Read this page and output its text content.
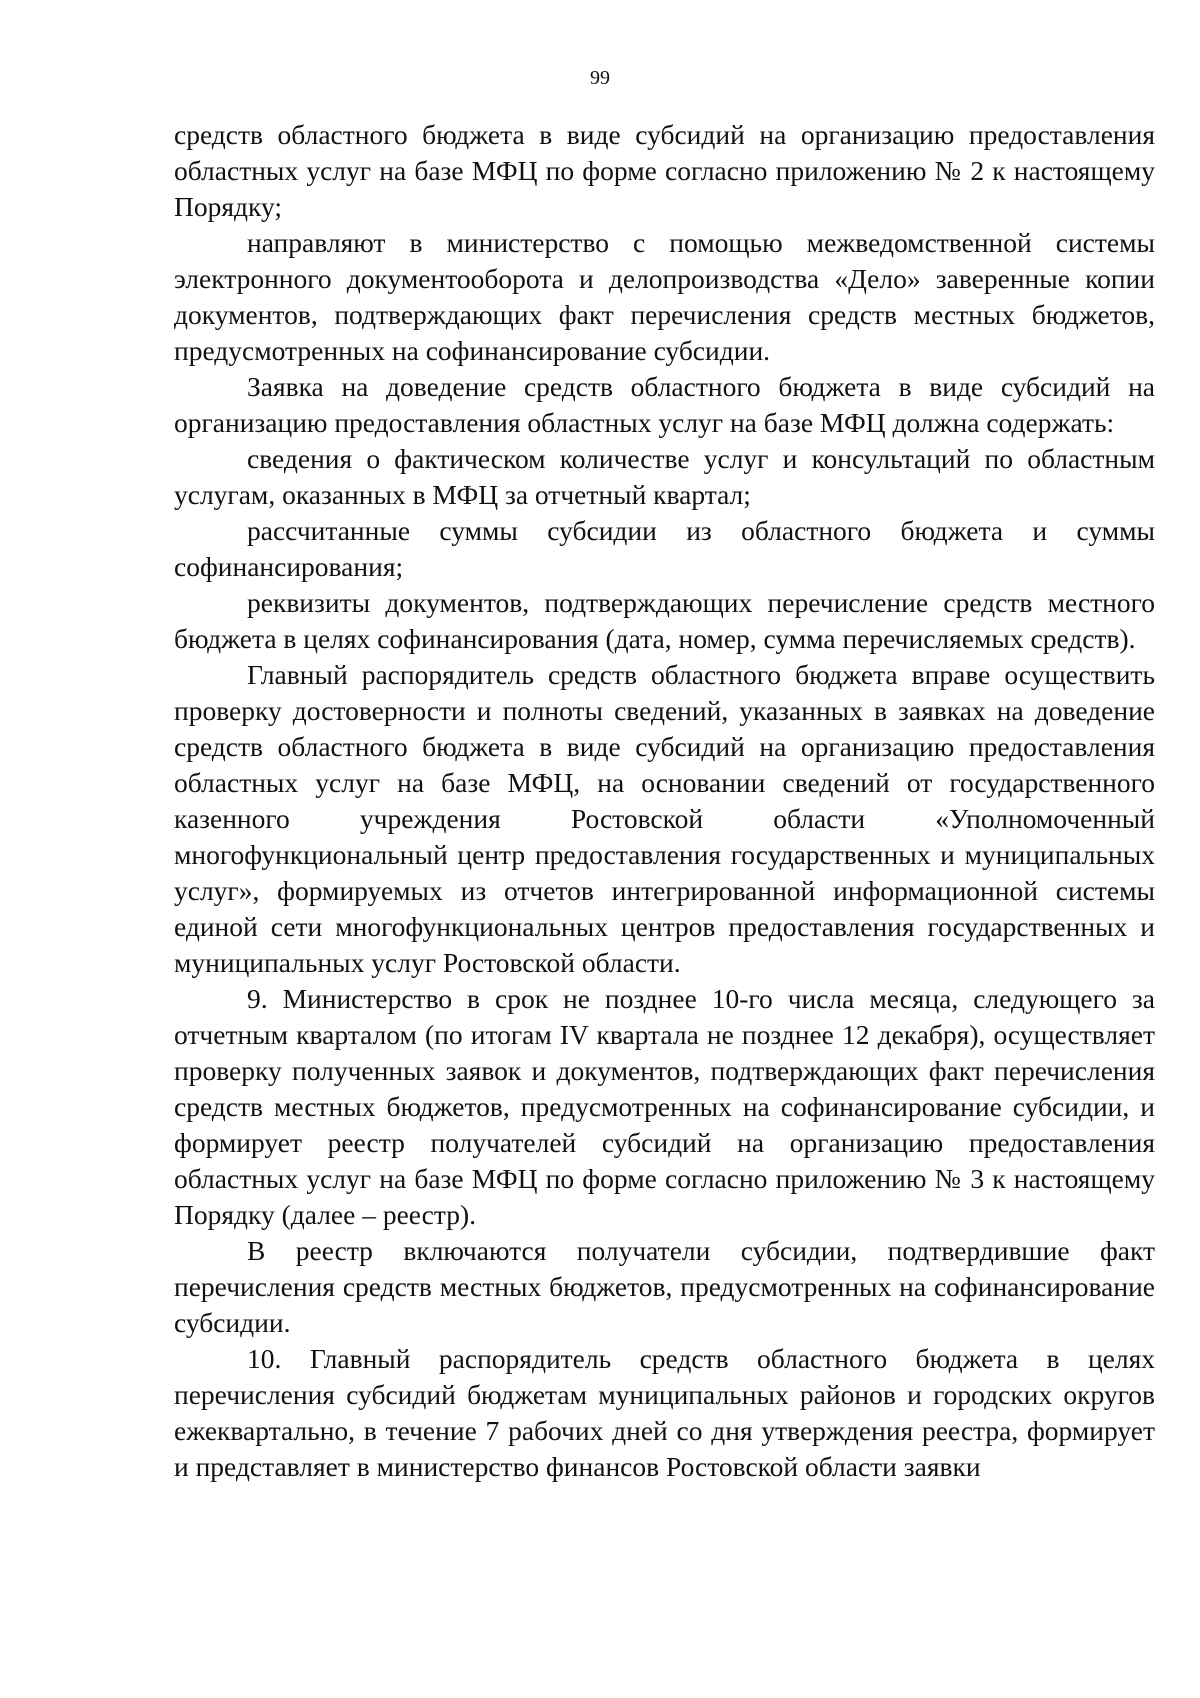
99

средств областного бюджета в виде субсидий на организацию предоставления областных услуг на базе МФЦ по форме согласно приложению № 2 к настоящему Порядку;

направляют в министерство с помощью межведомственной системы электронного документооборота и делопроизводства «Дело» заверенные копии документов, подтверждающих факт перечисления средств местных бюджетов, предусмотренных на софинансирование субсидии.

Заявка на доведение средств областного бюджета в виде субсидий на организацию предоставления областных услуг на базе МФЦ должна содержать:

сведения о фактическом количестве услуг и консультаций по областным услугам, оказанных в МФЦ за отчетный квартал;

рассчитанные суммы субсидии из областного бюджета и суммы софинансирования;

реквизиты документов, подтверждающих перечисление средств местного бюджета в целях софинансирования (дата, номер, сумма перечисляемых средств).

Главный распорядитель средств областного бюджета вправе осуществить проверку достоверности и полноты сведений, указанных в заявках на доведение средств областного бюджета в виде субсидий на организацию предоставления областных услуг на базе МФЦ, на основании сведений от государственного казенного учреждения Ростовской области «Уполномоченный многофункциональный центр предоставления государственных и муниципальных услуг», формируемых из отчетов интегрированной информационной системы единой сети многофункциональных центров предоставления государственных и муниципальных услуг Ростовской области.

9. Министерство в срок не позднее 10-го числа месяца, следующего за отчетным кварталом (по итогам IV квартала не позднее 12 декабря), осуществляет проверку полученных заявок и документов, подтверждающих факт перечисления средств местных бюджетов, предусмотренных на софинансирование субсидии, и формирует реестр получателей субсидий на организацию предоставления областных услуг на базе МФЦ по форме согласно приложению № 3 к настоящему Порядку (далее – реестр).

В реестр включаются получатели субсидии, подтвердившие факт перечисления средств местных бюджетов, предусмотренных на софинансирование субсидии.

10. Главный распорядитель средств областного бюджета в целях перечисления субсидий бюджетам муниципальных районов и городских округов ежеквартально, в течение 7 рабочих дней со дня утверждения реестра, формирует и представляет в министерство финансов Ростовской области заявки
